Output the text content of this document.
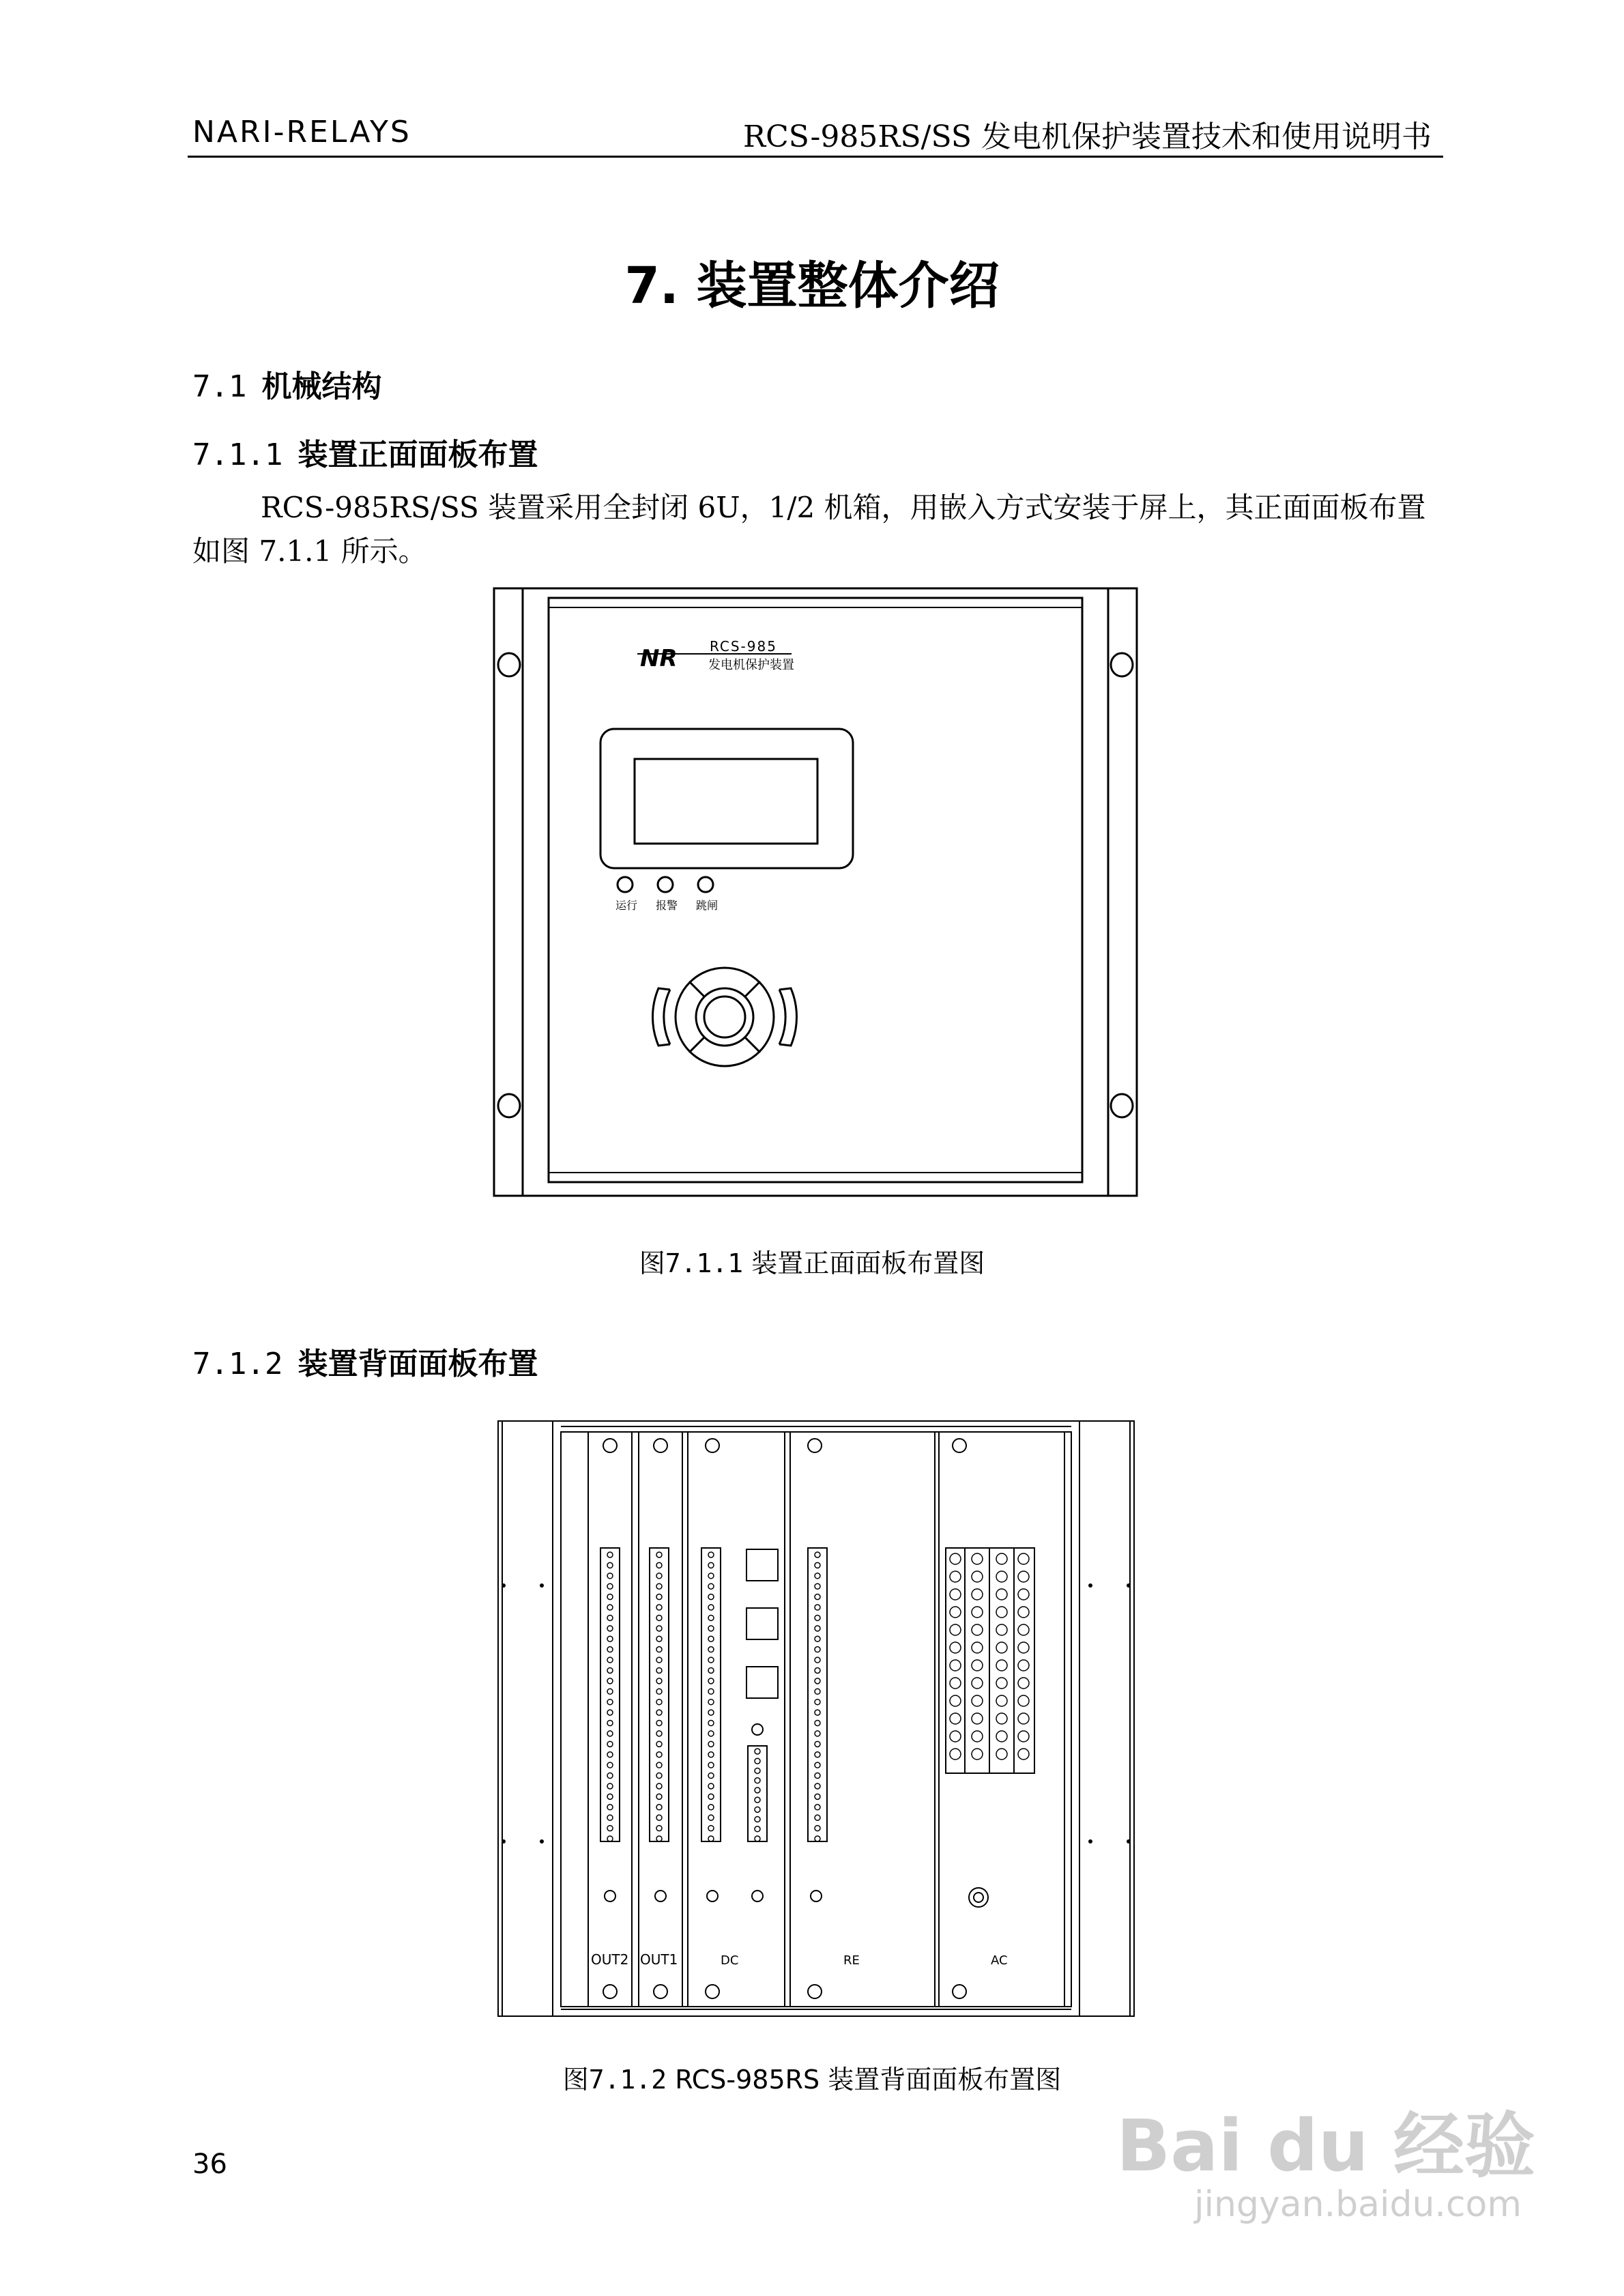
NARI-RELAYS	RCS-985RS/SS 发电机保护装置技术和使用说明书
7. 装置整体介绍
7.1 机械结构
7.1.1 装置正面面板布置
RCS-985RS/SS 装置采用全封闭 6U，1/2 机箱，用嵌入方式安装于屏上，其正面面板布置如图 7.1.1 所示。
NR RCS-985
发电机保护装置
运行 报警 跳闸
图7.1.1 装置正面面板布置图
7.1.2 装置背面面板布置
OUT2 OUT1	DC	RE	AC
图7.1.2 RCS-985RS 装置背面面板布置图
36	Bai du 经验
jingyan.baidu.com
